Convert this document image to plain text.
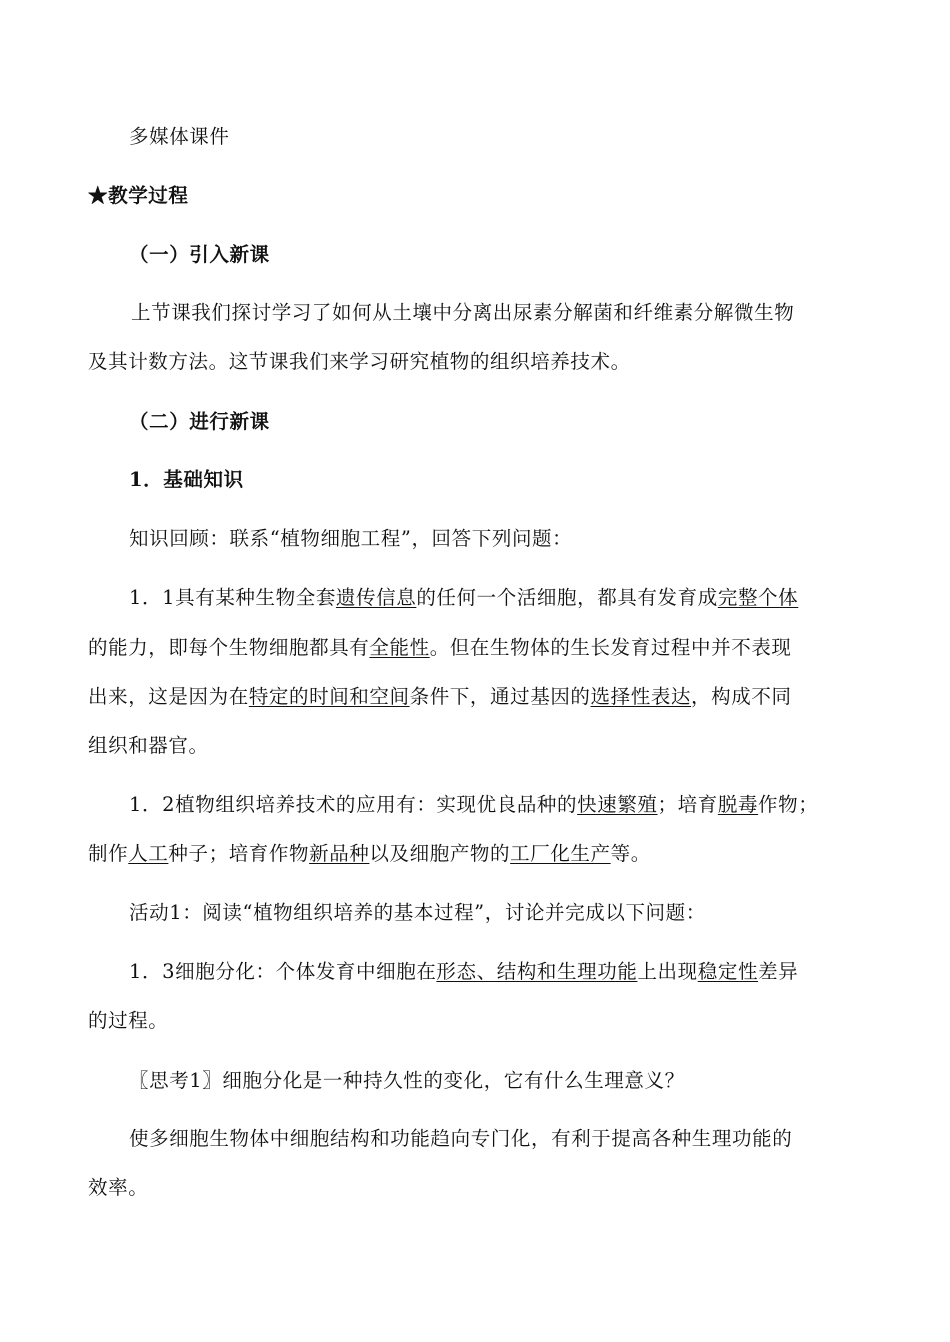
多媒体课件
★教学过程
（一）引入新课
上节课我们探讨学习了如何从土壤中分离出尿素分解菌和纤维素分解微生物
及其计数方法。这节课我们来学习研究植物的组织培养技术。
（二）进行新课
1．基础知识
知识回顾：联系“植物细胞工程”，回答下列问题：
1．1具有某种生物全套遗传信息的任何一个活细胞，都具有发育成完整个体
的能力，即每个生物细胞都具有全能性。但在生物体的生长发育过程中并不表现
出来，这是因为在特定的时间和空间条件下，通过基因的选择性表达，构成不同
组织和器官。
1．2植物组织培养技术的应用有：实现优良品种的快速繁殖；培育脱毒作物；
制作人工种子；培育作物新品种以及细胞产物的工厂化生产等。
活动1：阅读“植物组织培养的基本过程”，讨论并完成以下问题：
1．3细胞分化：个体发育中细胞在形态、结构和生理功能上出现稳定性差异
的过程。
〖思考1〗细胞分化是一种持久性的变化，它有什么生理意义？
使多细胞生物体中细胞结构和功能趋向专门化，有利于提高各种生理功能的
效率。
